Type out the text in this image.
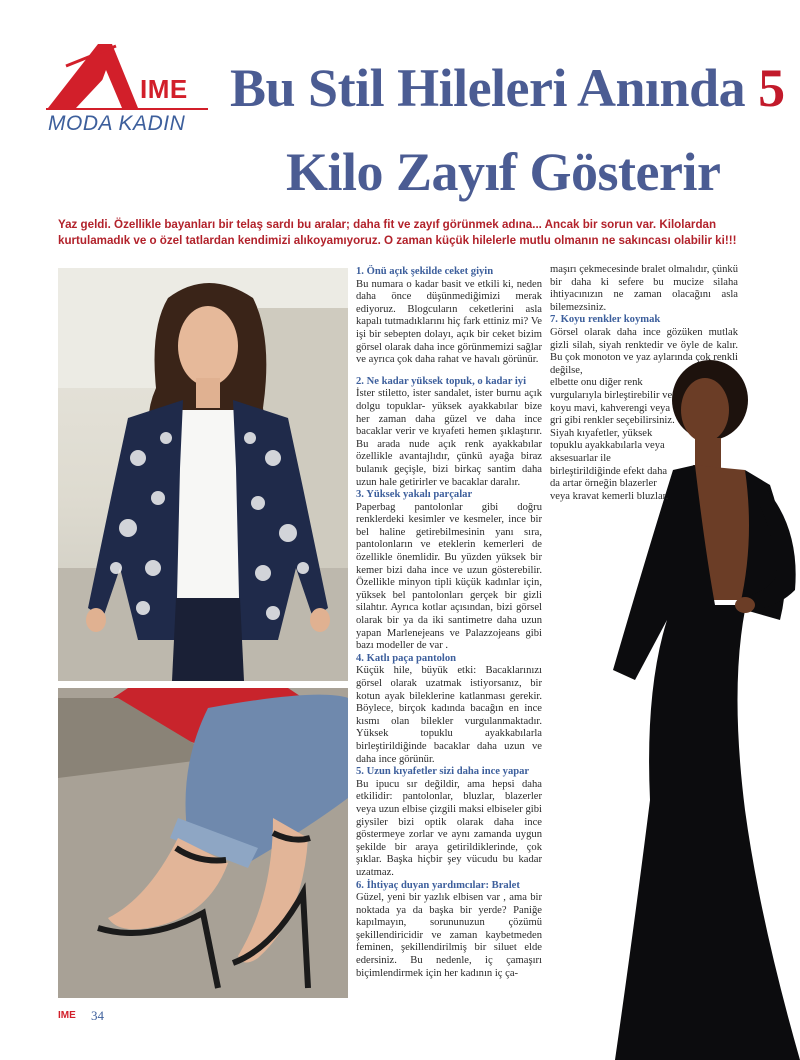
IME
MODA KADIN
Bu Stil Hileleri Anında 5
Kilo Zayıf Gösterir
Yaz geldi. Özellikle bayanları bir telaş sardı bu aralar; daha fit ve zayıf görünmek adına... Ancak bir sorun var. Kilolardan kurtulamadık ve o özel tatlardan kendimizi alıkoyamıyoruz. O zaman küçük hilelerle mutlu olmanın ne sakıncası olabilir ki!!!
1. Önü açık şekilde ceket giyin

Bu numara o kadar basit ve etkili ki, neden daha önce düşünmediğimizi merak ediyoruz. Blogcuların ceketlerini asla kapalı tutmadıklarını hiç fark ettiniz mi? Ve işi bir sebepten dolayı, açık bir ceket bizim görsel olarak daha ince görünmemizi sağlar ve ayrıca çok daha rahat ve havalı görünür.

2. Ne kadar yüksek topuk, o kadar iyi

İster stiletto, ister sandalet, ister burnu açık dolgu topuklar- yüksek ayakkabılar bize her zaman daha güzel ve daha ince bacaklar verir ve kıyafeti hemen şıklaştırır. Bu arada nude açık renk ayakkabılar özellikle avantajlıdır, çünkü ayağa biraz bulanık geçişle, bizi birkaç santim daha uzun hale getirirler ve bacaklar daralır.

3. Yüksek yakalı parçalar

Paperbag pantolonlar gibi doğru renklerdeki kesimler ve kesmeler, ince bir bel haline getirebilmesinin yanı sıra, pantolonların ve eteklerin kemerleri de özellikle önemlidir. Bu yüzden yüksek bir kemer bizi daha ince ve uzun gösterebilir. Özellikle minyon tipli küçük kadınlar için, yüksek bel pantolonları gerçek bir gizli silahtır. Ayrıca kotlar açısından, bizi görsel olarak bir ya da iki santimetre daha uzun yapan Marlenejeans ve Palazzojeans gibi bazı modeller de var .

4. Katlı paça pantolon

Küçük hile, büyük etki: Bacaklarınızı görsel olarak uzatmak istiyorsanız, bir kotun ayak bileklerine katlanması gerekir. Böylece, birçok kadında bacağın en ince kısmı olan bilekler vurgulanmaktadır. Yüksek topuklu ayakkabılarla birleştirildiğinde bacaklar daha uzun ve daha ince görünür.

5. Uzun kıyafetler sizi daha ince yapar

Bu ipucu sır değildir, ama hepsi daha etkilidir: pantolonlar, bluzlar, blazerler veya uzun elbise çizgili maksi elbiseler gibi giysiler bizi optik olarak daha ince göstermeye zorlar ve aynı zamanda uygun şekilde bir araya getirildiklerinde, çok şıklar. Başka hiçbir şey vücudu bu kadar uzatmaz.

6. İhtiyaç duyan yardımcılar: Bralet

Güzel, yeni bir yazlık elbisen var , ama bir noktada ya da başka bir yerde? Paniğe kapılmayın, sorununuzun çözümü şekillendiricidir ve zaman kaybetmeden feminen, şekillendirilmiş bir siluet elde edersiniz. Bu nedenle, iç çamaşırı biçimlendirmek için her kadının iç ça-

maşırı çekmecesinde bralet olmalıdır, çünkü bir daha ki sefere bu mucize silaha ihtiyacınızın ne zaman olacağını asla bilemezsiniz.

7. Koyu renkler koymak

Görsel olarak daha ince gözüken mutlak gizli silah, siyah renktedir ve öyle de kalır. Bu çok monoton ve yaz aylarında çok renkli değilse,

elbette onu diğer renk vurgularıyla birleştirebilir ve koyu mavi, kahverengi veya gri gibi renkler seçebilirsiniz. Siyah kıyafetler, yüksek topuklu ayakkabılarla veya aksesuarlar ile birleştirildiğinde efekt daha da artar örneğin blazerler veya kravat kemerli bluzlar.

IME 34
